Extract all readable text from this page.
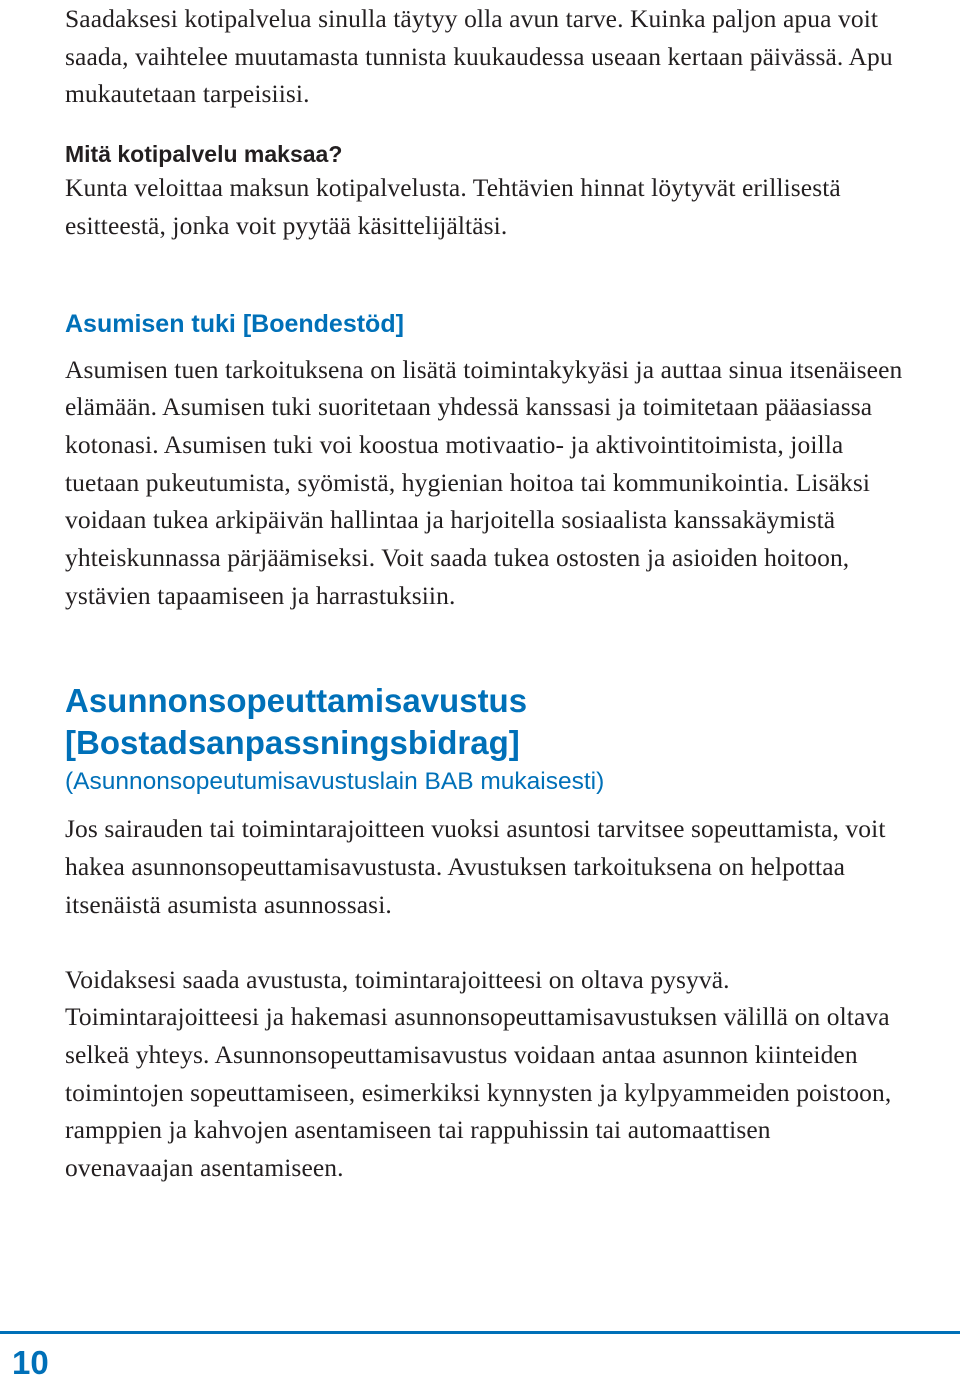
Saadaksesi kotipalvelua sinulla täytyy olla avun tarve. Kuinka paljon apua voit saada, vaihtelee muutamasta tunnista kuukaudessa useaan kertaan päivässä. Apu mukautetaan tarpeisiisi.

Mitä kotipalvelu maksaa?

Kunta veloittaa maksun kotipalvelusta. Tehtävien hinnat löytyvät erillisestä esitteestä, jonka voit pyytää käsittelijältäsi.

Asumisen tuki [Boendestöd]

Asumisen tuen tarkoituksena on lisätä toimintakykyäsi ja auttaa sinua itsenäiseen elämään. Asumisen tuki suoritetaan yhdessä kanssasi ja toimitetaan pääasiassa kotonasi. Asumisen tuki voi koostua motivaatio- ja aktivointitoimista, joilla tuetaan pukeutumista, syömistä, hygienian hoitoa tai kommunikointia. Lisäksi voidaan tukea arkipäivän hallintaa ja harjoitella sosiaalista kanssakäymistä yhteiskunnassa pärjäämiseksi. Voit saada tukea ostosten ja asioiden hoitoon, ystävien tapaamiseen ja harrastuksiin.

Asunnonsopeuttamisavustus
[Bostadsanpassningsbidrag]
(Asunnonsopeutumisavustuslain BAB mukaisesti)

Jos sairauden tai toimintarajoitteen vuoksi asuntosi tarvitsee sopeuttamista, voit hakea asunnonsopeuttamisavustusta. Avustuksen tarkoituksena on helpottaa itsenäistä asumista asunnossasi.

Voidaksesi saada avustusta, toimintarajoitteesi on oltava pysyvä. Toimintarajoitteesi ja hakemasi asunnonsopeuttamisavustuksen välillä on oltava selkeä yhteys. Asunnonsopeuttamisavustus voidaan antaa asunnon kiinteiden toimintojen sopeuttamiseen, esimerkiksi kynnysten ja kylpyammeiden poistoon, ramppien ja kahvojen asentamiseen tai rappuhissin tai automaattisen ovenavaajan asentamiseen.

10
